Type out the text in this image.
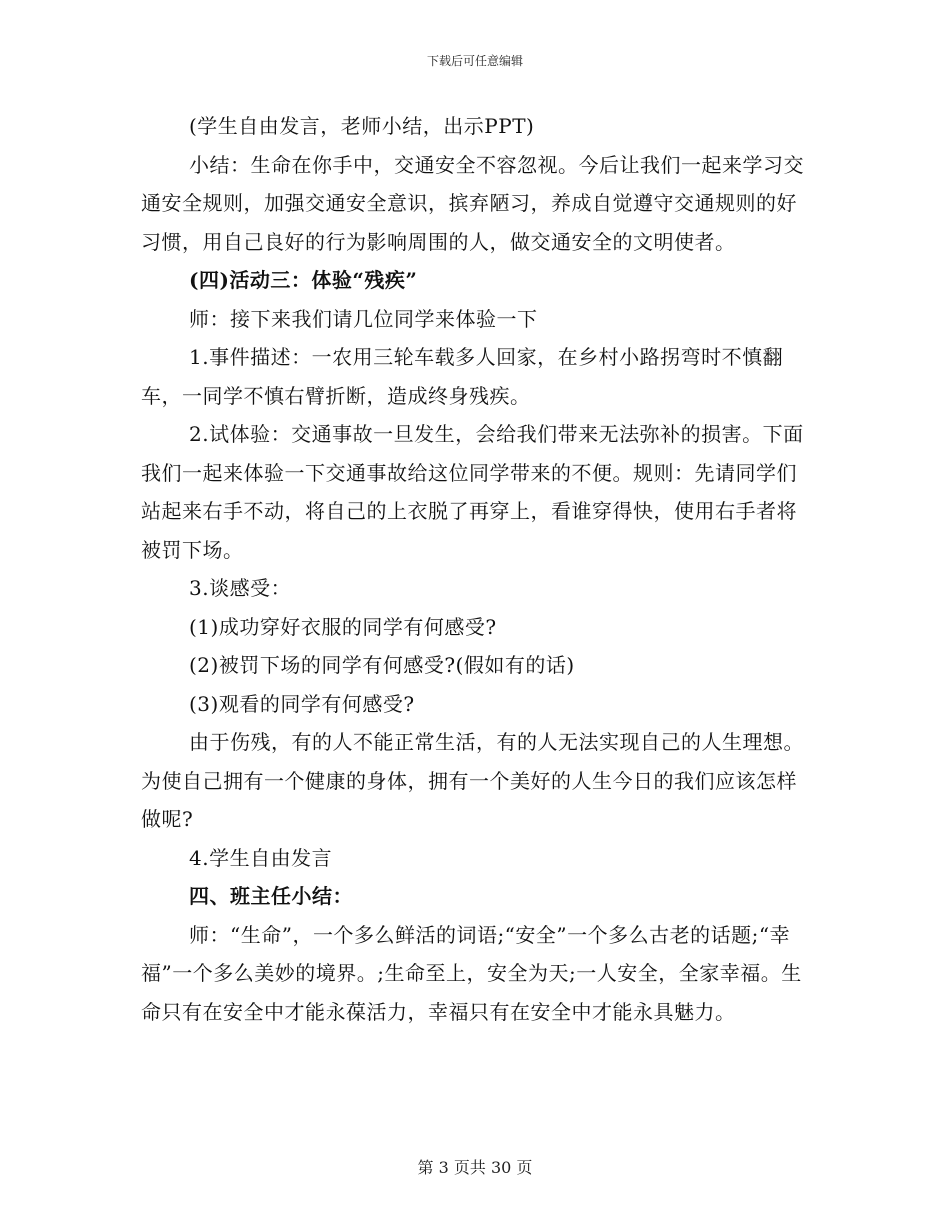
下载后可任意编辑

(学生自由发言，老师小结，出示PPT)

小结：生命在你手中，交通安全不容忽视。今后让我们一起来学习交通安全规则，加强交通安全意识，摈弃陋习，养成自觉遵守交通规则的好习惯，用自己良好的行为影响周围的人，做交通安全的文明使者。

(四)活动三：体验“残疾”

师：接下来我们请几位同学来体验一下

1.事件描述：一农用三轮车载多人回家，在乡村小路拐弯时不慎翻车，一同学不慎右臂折断，造成终身残疾。

2.试体验：交通事故一旦发生，会给我们带来无法弥补的损害。下面我们一起来体验一下交通事故给这位同学带来的不便。规则：先请同学们站起来右手不动，将自己的上衣脱了再穿上，看谁穿得快，使用右手者将被罚下场。

3.谈感受：

(1)成功穿好衣服的同学有何感受?

(2)被罚下场的同学有何感受?(假如有的话)

(3)观看的同学有何感受?

由于伤残，有的人不能正常生活，有的人无法实现自己的人生理想。为使自己拥有一个健康的身体，拥有一个美好的人生今日的我们应该怎样做呢?

4.学生自由发言

四、班主任小结：

师：“生命”，一个多么鲜活的词语;“安全”一个多么古老的话题;“幸福”一个多么美妙的境界。;生命至上，安全为天;一人安全，全家幸福。生命只有在安全中才能永葆活力，幸福只有在安全中才能永具魅力。

第 3 页共 30 页
